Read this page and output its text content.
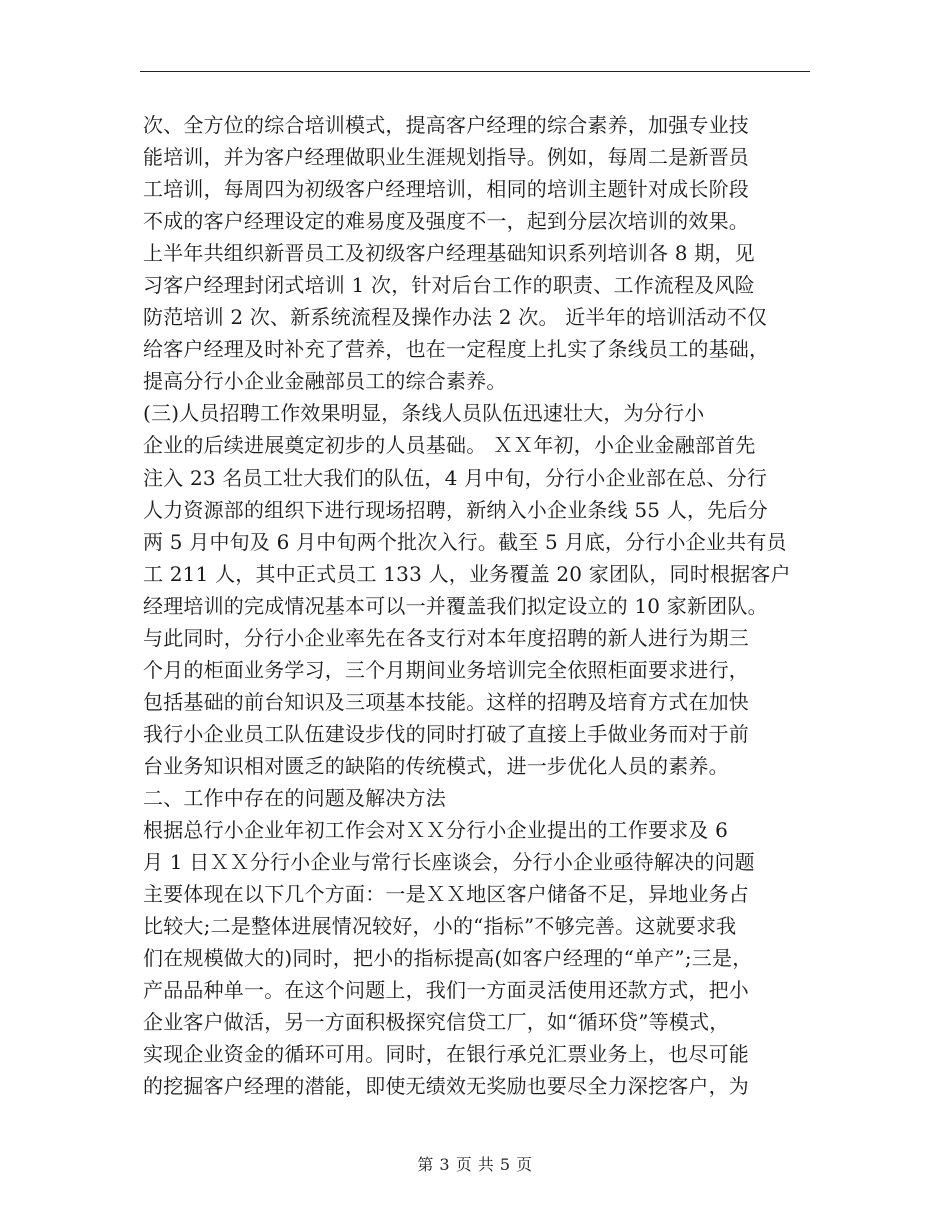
次、全方位的综合培训模式，提高客户经理的综合素养，加强专业技
能培训，并为客户经理做职业生涯规划指导。例如，每周二是新晋员
工培训，每周四为初级客户经理培训，相同的培训主题针对成长阶段
不成的客户经理设定的难易度及强度不一，起到分层次培训的效果。
上半年共组织新晋员工及初级客户经理基础知识系列培训各 8 期，见
习客户经理封闭式培训 1 次，针对后台工作的职责、工作流程及风险
防范培训 2 次、新系统流程及操作办法 2 次。 近半年的培训活动不仅
给客户经理及时补充了营养，也在一定程度上扎实了条线员工的基础，
提高分行小企业金融部员工的综合素养。
(三)人员招聘工作效果明显，条线人员队伍迅速壮大，为分行小
企业的后续进展奠定初步的人员基础。 ＸＸ年初，小企业金融部首先
注入 23 名员工壮大我们的队伍，4 月中旬，分行小企业部在总、分行
人力资源部的组织下进行现场招聘，新纳入小企业条线 55 人，先后分
两 5 月中旬及 6 月中旬两个批次入行。截至 5 月底，分行小企业共有员
工 211 人，其中正式员工 133 人，业务覆盖 20 家团队，同时根据客户
经理培训的完成情况基本可以一并覆盖我们拟定设立的 10 家新团队。
与此同时，分行小企业率先在各支行对本年度招聘的新人进行为期三
个月的柜面业务学习，三个月期间业务培训完全依照柜面要求进行，
包括基础的前台知识及三项基本技能。这样的招聘及培育方式在加快
我行小企业员工队伍建设步伐的同时打破了直接上手做业务而对于前
台业务知识相对匮乏的缺陷的传统模式，进一步优化人员的素养。
二、工作中存在的问题及解决方法
根据总行小企业年初工作会对ＸＸ分行小企业提出的工作要求及 6
月 1 日ＸＸ分行小企业与常行长座谈会，分行小企业亟待解决的问题
主要体现在以下几个方面：一是ＸＸ地区客户储备不足，异地业务占
比较大;二是整体进展情况较好，小的“指标”不够完善。这就要求我
们在规模做大的)同时，把小的指标提高(如客户经理的“单产”;三是，
产品品种单一。在这个问题上，我们一方面灵活使用还款方式，把小
企业客户做活，另一方面积极探究信贷工厂，如“循环贷”等模式，
实现企业资金的循环可用。同时，在银行承兑汇票业务上，也尽可能
的挖掘客户经理的潜能，即使无绩效无奖励也要尽全力深挖客户，为
第 3 页 共 5 页
